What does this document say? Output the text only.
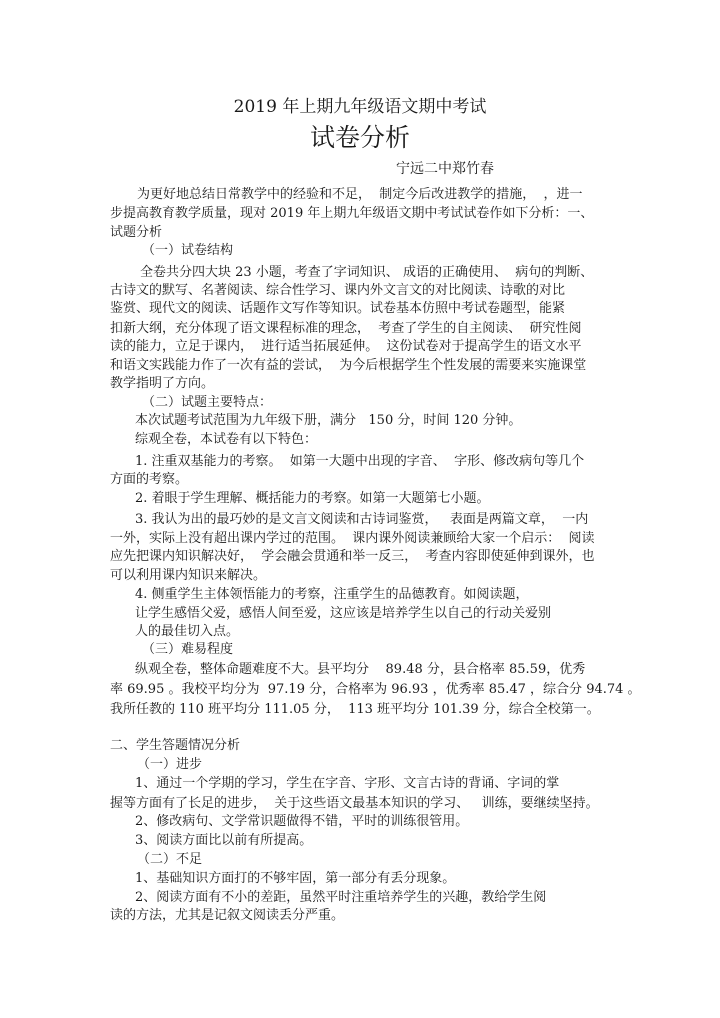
2019 年上期九年级语文期中考试
试卷分析
宁远二中郑竹春
为更好地总结日常教学中的经验和不足，  制定今后改进教学的措施，  ，进一
步提高教育教学质量，现对 2019 年上期九年级语文期中考试试卷作如下分析：一、
试题分析
（一）试卷结构
全卷共分四大块 23 小题，考查了字词知识、 成语的正确使用、  病句的判断、
古诗文的默写、名著阅读、综合性学习、课内外文言文的对比阅读、诗歌的对比
鉴赏、现代文的阅读、话题作文写作等知识。试卷基本仿照中考试卷题型，能紧
扣新大纲，充分体现了语文课程标准的理念，  考查了学生的自主阅读、  研究性阅
读的能力，立足于课内，  进行适当拓展延伸。  这份试卷对于提高学生的语文水平
和语文实践能力作了一次有益的尝试，  为今后根据学生个性发展的需要来实施课堂
教学指明了方向。
（二）试题主要特点：
本次试题考试范围为九年级下册，满分   150 分，时间 120 分钟。
综观全卷，本试卷有以下特色：
1. 注重双基能力的考察。  如第一大题中出现的字音、  字形、修改病句等几个
方面的考察。
2. 着眼于学生理解、概括能力的考察。如第一大题第七小题。
3. 我认为出的最巧妙的是文言文阅读和古诗词鉴赏，   表面是两篇文章，  一内
一外，实际上没有超出课内学过的范围。  课内课外阅读兼顾给大家一个启示：  阅读
应先把课内知识解决好，  学会融会贯通和举一反三，  考查内容即使延伸到课外，也
可以利用课内知识来解决。
4. 侧重学生主体领悟能力的考察，注重学生的品德教育。如阅读题，
让学生感悟父爱，感悟人间至爱，这应该是培养学生以自己的行动关爱别
人的最佳切入点。
（三）难易程度
纵观全卷，整体命题难度不大。县平均分    89.48 分，县合格率 85.59，优秀
率 69.95 。我校平均分为  97.19 分，合格率为 96.93 ，优秀率 85.47 ，综合分 94.74 。
我所任教的 110 班平均分 111.05 分，  113 班平均分 101.39 分，综合全校第一。
二、学生答题情况分析
（一）进步
1、通过一个学期的学习，学生在字音、字形、文言古诗的背诵、字词的掌
握等方面有了长足的进步，  关于这些语文最基本知识的学习、   训练，要继续坚持。
2、修改病句、文学常识题做得不错，平时的训练很管用。
3、阅读方面比以前有所提高。
（二）不足
1、基础知识方面打的不够牢固，第一部分有丢分现象。
2、阅读方面有不小的差距，虽然平时注重培养学生的兴趣，教给学生阅
读的方法，尤其是记叙文阅读丢分严重。
